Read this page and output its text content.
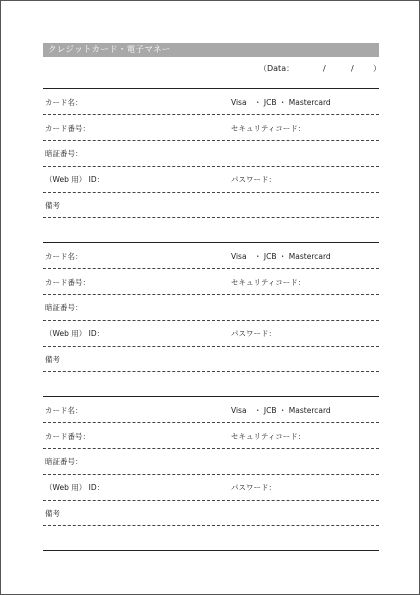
クレジットカード・電子マネー
（Data：	/	/ ）
カード名：	Visa　・ JCB ・ Mastercard
カード番号：	セキュリティコード：
暗証番号：
（Web 用） ID：	パスワード：
備考
カード名：	Visa　・ JCB ・ Mastercard
カード番号：	セキュリティコード：
暗証番号：
（Web 用） ID：	パスワード：
備考
カード名：	Visa　・ JCB ・ Mastercard
カード番号：	セキュリティコード：
暗証番号：
（Web 用） ID：	パスワード：
備考
